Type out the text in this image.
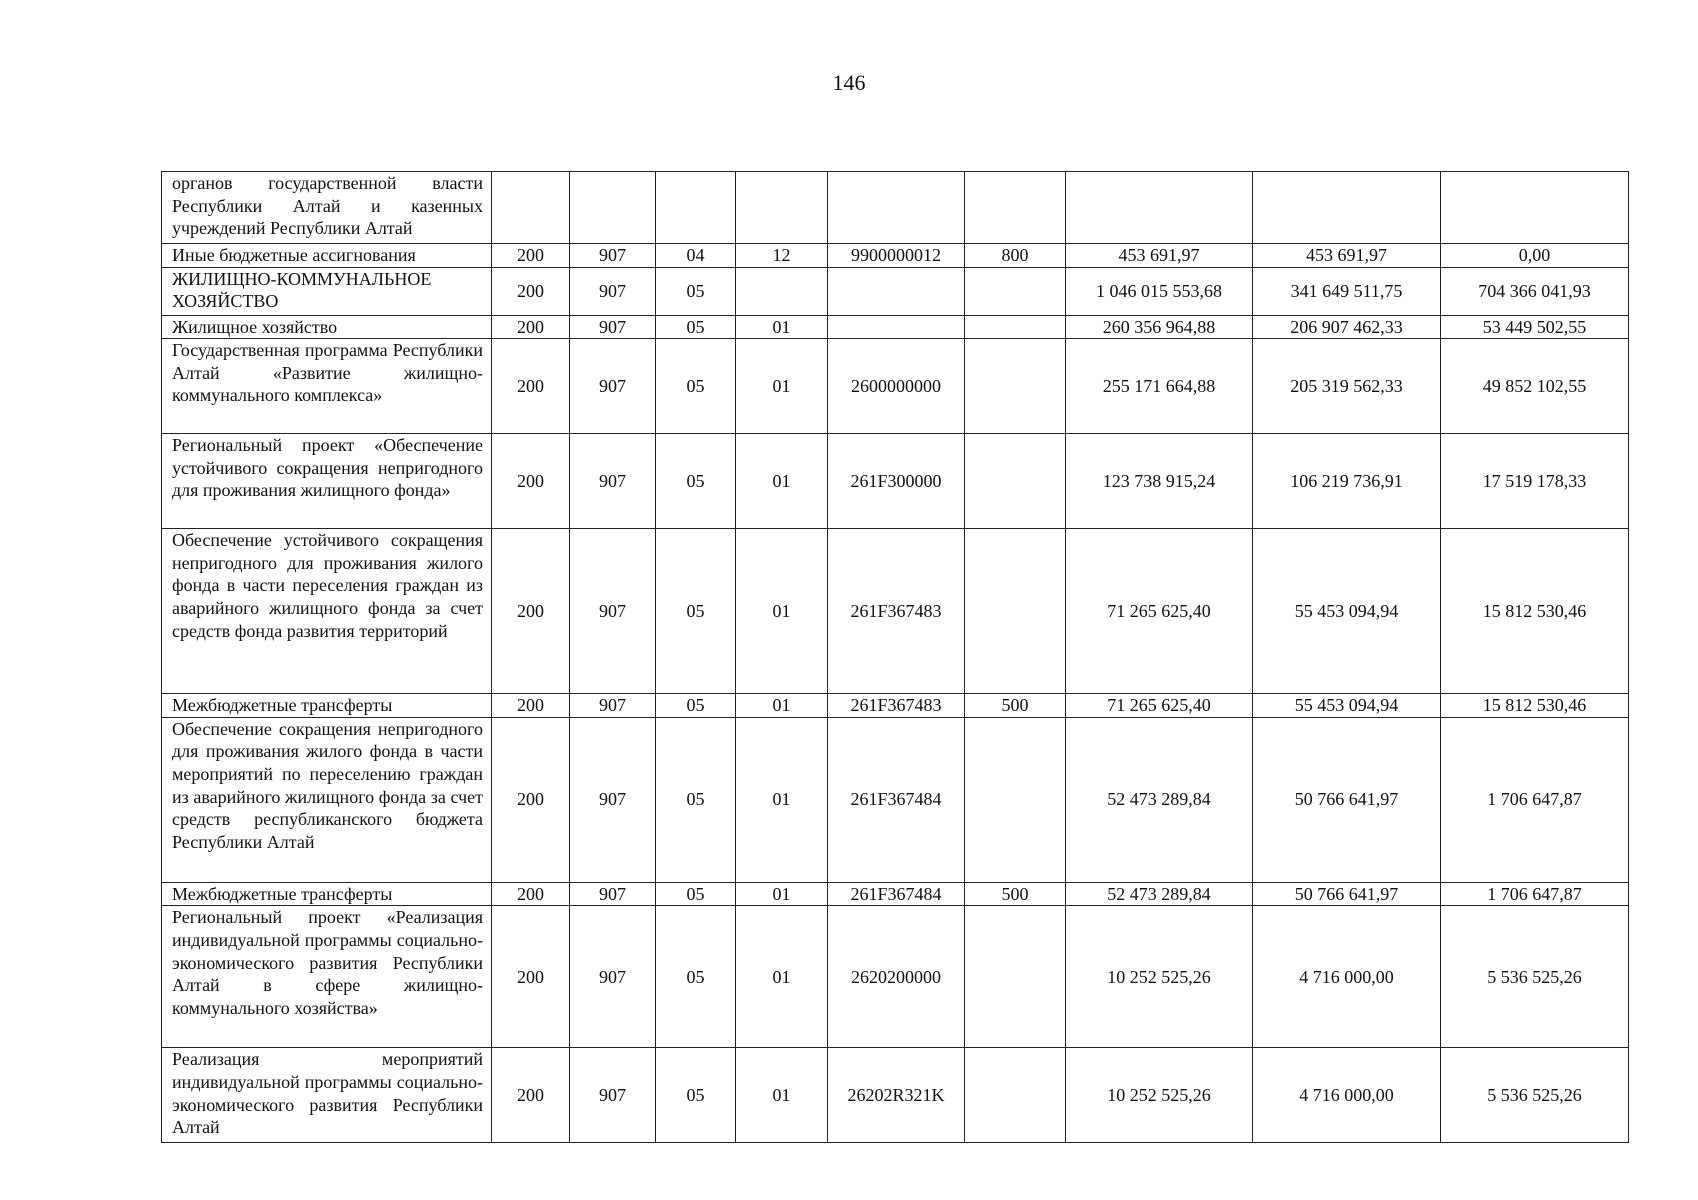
146
органов государственной власти Республики Алтай и казенных учреждений Республики Алтай									

Иные бюджетные ассигнования	200	907	04	12	9900000012	800	453 691,97	453 691,97	0,00

ЖИЛИЩНО-КОММУНАЛЬНОЕ ХОЗЯЙСТВО	200	907	05				1 046 015 553,68	341 649 511,75	704 366 041,93

Жилищное хозяйство	200	907	05	01			260 356 964,88	206 907 462,33	53 449 502,55

Государственная программа Республики Алтай «Развитие жилищно-коммунального комплекса»	200	907	05	01	2600000000		255 171 664,88	205 319 562,33	49 852 102,55

Региональный проект «Обеспечение устойчивого сокращения непригодного для проживания жилищного фонда»	200	907	05	01	261F300000		123 738 915,24	106 219 736,91	17 519 178,33

Обеспечение устойчивого сокращения непригодного для проживания жилого фонда в части переселения граждан из аварийного жилищного фонда за счет средств фонда развития территорий	200	907	05	01	261F367483		71 265 625,40	55 453 094,94	15 812 530,46

Межбюджетные трансферты	200	907	05	01	261F367483	500	71 265 625,40	55 453 094,94	15 812 530,46

Обеспечение сокращения непригодного для проживания жилого фонда в части мероприятий по переселению граждан из аварийного жилищного фонда за счет средств республиканского бюджета Республики Алтай	200	907	05	01	261F367484		52 473 289,84	50 766 641,97	1 706 647,87

Межбюджетные трансферты	200	907	05	01	261F367484	500	52 473 289,84	50 766 641,97	1 706 647,87

Региональный проект «Реализация индивидуальной программы социально-экономического развития Республики Алтай в сфере жилищно-коммунального хозяйства»	200	907	05	01	2620200000		10 252 525,26	4 716 000,00	5 536 525,26

Реализация мероприятий индивидуальной программы социально-экономического развития Республики Алтай	200	907	05	01	26202R321K		10 252 525,26	4 716 000,00	5 536 525,26
